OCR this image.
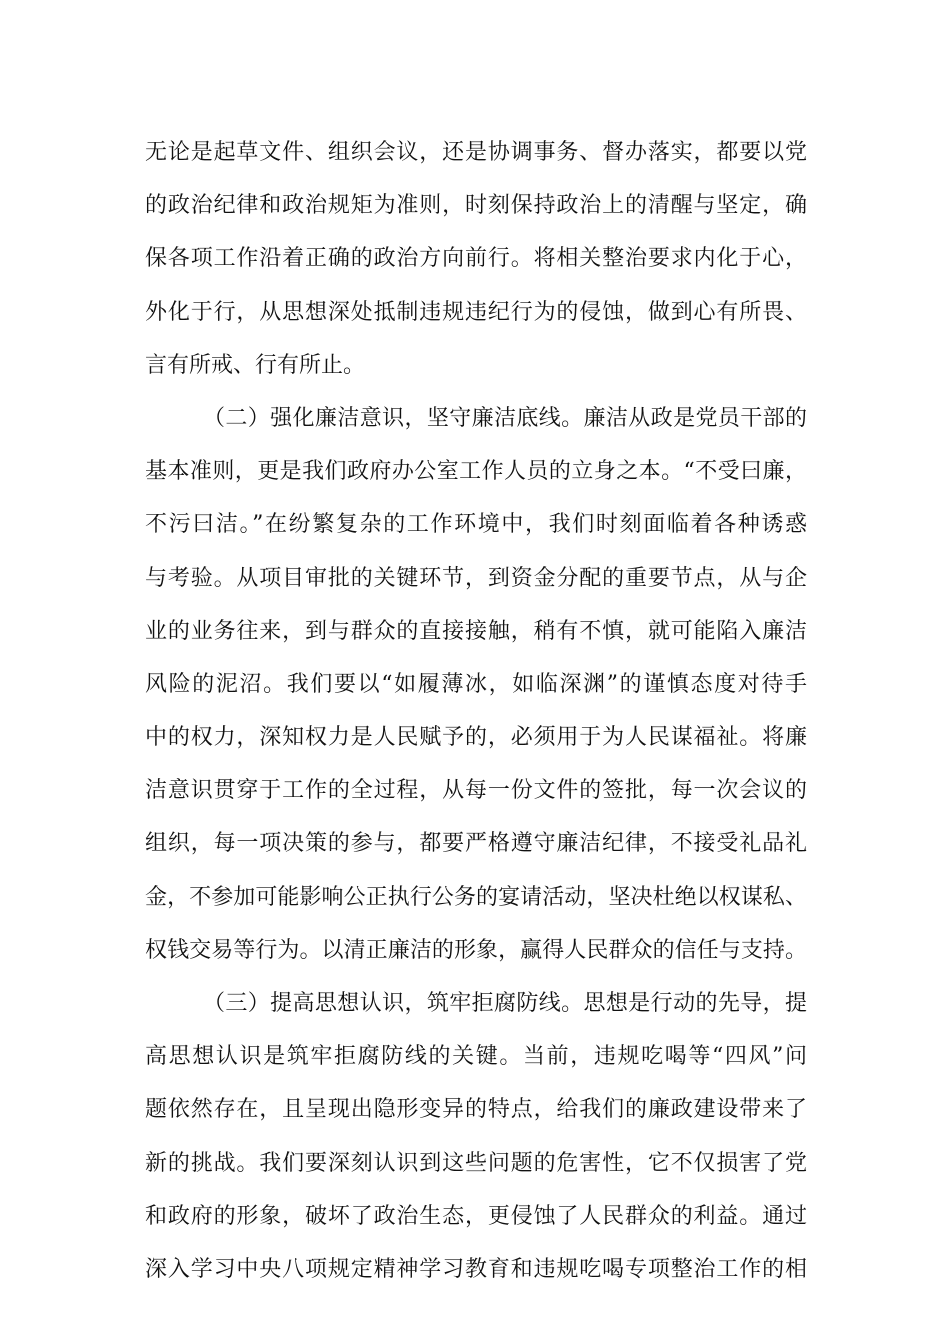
无论是起草文件、组织会议，还是协调事务、督办落实，都要以党
的政治纪律和政治规矩为准则，时刻保持政治上的清醒与坚定，确
保各项工作沿着正确的政治方向前行。将相关整治要求内化于心，
外化于行，从思想深处抵制违规违纪行为的侵蚀，做到心有所畏、
言有所戒、行有所止。
（二）强化廉洁意识，坚守廉洁底线。廉洁从政是党员干部的
基本准则，更是我们政府办公室工作人员的立身之本。“不受曰廉，
不污曰洁。”在纷繁复杂的工作环境中，我们时刻面临着各种诱惑
与考验。从项目审批的关键环节，到资金分配的重要节点，从与企
业的业务往来，到与群众的直接接触，稍有不慎，就可能陷入廉洁
风险的泥沼。我们要以“如履薄冰，如临深渊”的谨慎态度对待手
中的权力，深知权力是人民赋予的，必须用于为人民谋福祉。将廉
洁意识贯穿于工作的全过程，从每一份文件的签批，每一次会议的
组织，每一项决策的参与，都要严格遵守廉洁纪律，不接受礼品礼
金，不参加可能影响公正执行公务的宴请活动，坚决杜绝以权谋私、
权钱交易等行为。以清正廉洁的形象，赢得人民群众的信任与支持。
（三）提高思想认识，筑牢拒腐防线。思想是行动的先导，提
高思想认识是筑牢拒腐防线的关键。当前，违规吃喝等“四风”问
题依然存在，且呈现出隐形变异的特点，给我们的廉政建设带来了
新的挑战。我们要深刻认识到这些问题的危害性，它不仅损害了党
和政府的形象，破坏了政治生态，更侵蚀了人民群众的利益。通过
深入学习中央八项规定精神学习教育和违规吃喝专项整治工作的相
